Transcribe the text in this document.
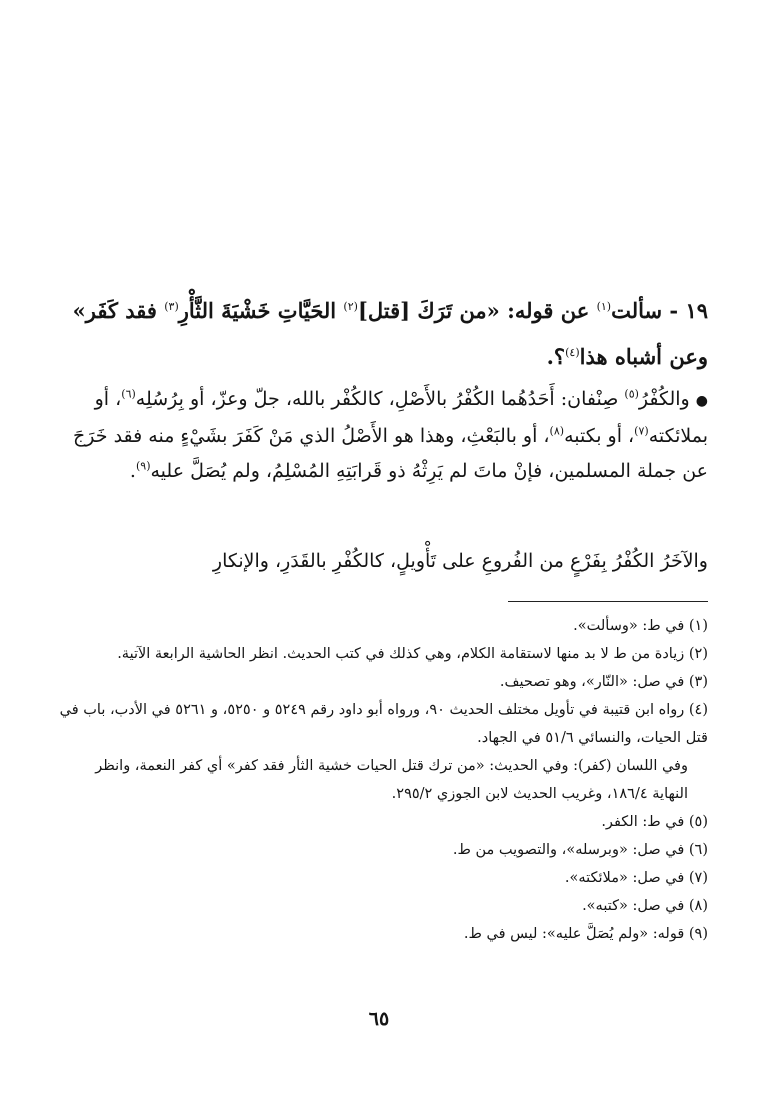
١٩ - سألت$^{(١)}$ عن قوله: «من تَرَكَ [قتل]$^{(٢)}$ الحَيَّاتِ خَشْيَةَ الثَّأْرِ$^{(٣)}$ فقد كَفَر» وعن أشباه هذا$^{(٤)}$؟.

● والكُفْرُ$^{(٥)}$ صِنْفان: أَحَدُهُما الكُفْرُ بالأَصْلِ، كالكُفْر بالله، جلّ وعزّ، أو بِرُسُلِه$^{(٦)}$، أو بملائكته$^{(٧)}$، أو بكتبه$^{(٨)}$، أو بالبَعْثِ، وهذا هو الأَصْلُ الذي مَنْ كَفَرَ بشَيْءٍ منه فقد خَرَجَ عن جملة المسلمين، فإنْ ماتَ لم يَرِثْهُ ذو قَرابَتِهِ المُسْلِمُ، ولم يُصَلَّ عليه$^{(٩)}$.

والآخَرُ الكُفْرُ بِفَرْعٍ من الفُروعِ على تَأْويلٍ، كالكُفْرِ بالقَدَرِ، والإنكارِ

(١) في ط: «وسألت».

(٢) زيادة من ط لا بد منها لاستقامة الكلام، وهي كذلك في كتب الحديث. انظر الحاشية الرابعة الآتية.

(٣) في صل: «النّار»، وهو تصحيف.

(٤) رواه ابن قتيبة في تأويل مختلف الحديث ٩٠، ورواه أبو داود رقم ٥٢٤٩ و ٥٢٥٠، و ٥٢٦١ في الأدب، باب في قتل الحيات، والنسائي ٥١/٦ في الجهاد.

وفي اللسان (كفر): وفي الحديث: «من ترك قتل الحيات خشية الثأر فقد كفر» أي كفر النعمة، وانظر النهاية ١٨٦/٤، وغريب الحديث لابن الجوزي ٢٩٥/٢.

(٥) في ط: الكفر.

(٦) في صل: «وبرسله»، والتصويب من ط.

(٧) في صل: «ملائكته».

(٨) في صل: «كتبه».

(٩) قوله: «ولم يُصَلَّ عليه»: ليس في ط.

٦٥
